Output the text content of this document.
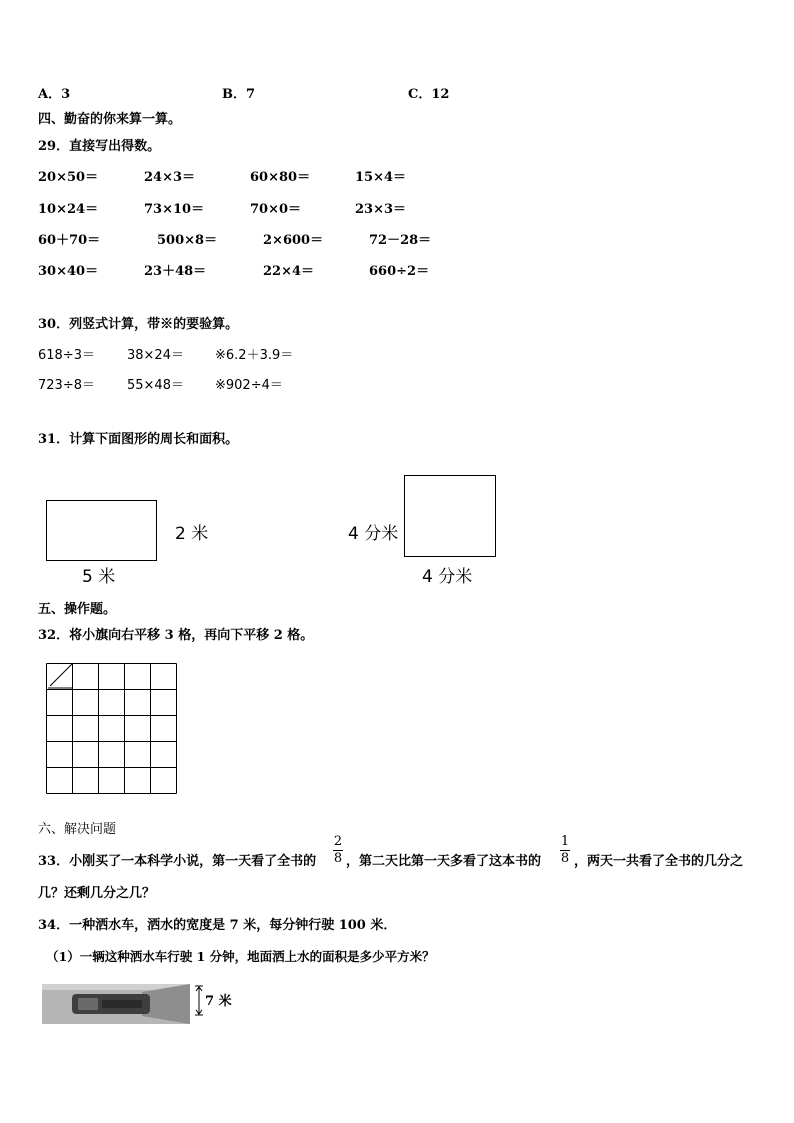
A．3	B．7	C．12
四、勤奋的你来算一算。
29．直接写出得数。
20×50＝	24×3＝	60×80＝	15×4＝
10×24＝	73×10＝	70×0＝	23×3＝
60＋70＝	500×8＝	2×600＝	72－28＝
30×40＝	23＋48＝	22×4＝	660÷2＝
30．列竖式计算，带※的要验算。
618÷3＝ 38×24＝ ※6.2＋3.9＝
723÷8＝ 55×48＝ ※902÷4＝
31．计算下面图形的周长和面积。
2 米
5 米
4 分米
4 分米
五、操作题。
32．将小旗向右平移 3 格，再向下平移 2 格。
六、解决问题
33．小刚买了一本科学小说，第一天看了全书的
2
8 ，第二天比第一天多看了这本书的
1
8 ，两天一共看了全书的几分之
几？还剩几分之几？
34．一种洒水车，洒水的宽度是 7 米，每分钟行驶 100 米．
（1）一辆这种洒水车行驶 1 分钟，地面洒上水的面积是多少平方米？
7 米
